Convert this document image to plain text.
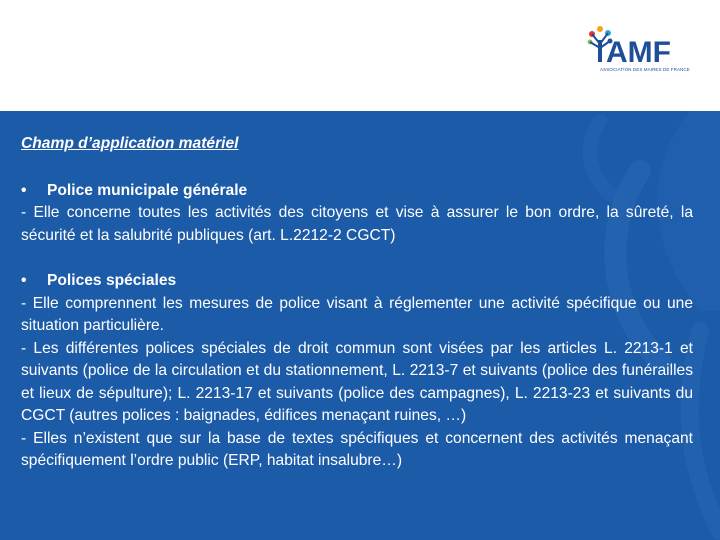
AMF
ASSOCIATION DES MAIRES DE FRANCE

Champ d’application matériel

• Police municipale générale

- Elle concerne toutes les activités des citoyens et vise à assurer le bon ordre, la sûreté, la sécurité et la salubrité publiques (art. L.2212-2 CGCT)

• Polices spéciales

- Elle comprennent les mesures de police visant à réglementer une activité spécifique ou une situation particulière.

- Les différentes polices spéciales de droit commun sont visées par les articles L. 2213-1 et suivants (police de la circulation et du stationnement, L. 2213-7 et suivants (police des funérailles et lieux de sépulture); L. 2213-17 et suivants (police des campagnes), L. 2213-23 et suivants du CGCT (autres polices : baignades, édifices menaçant ruines, …)

- Elles n’existent que sur la base de textes spécifiques et concernent des activités menaçant spécifiquement l’ordre public (ERP, habitat insalubre…)
